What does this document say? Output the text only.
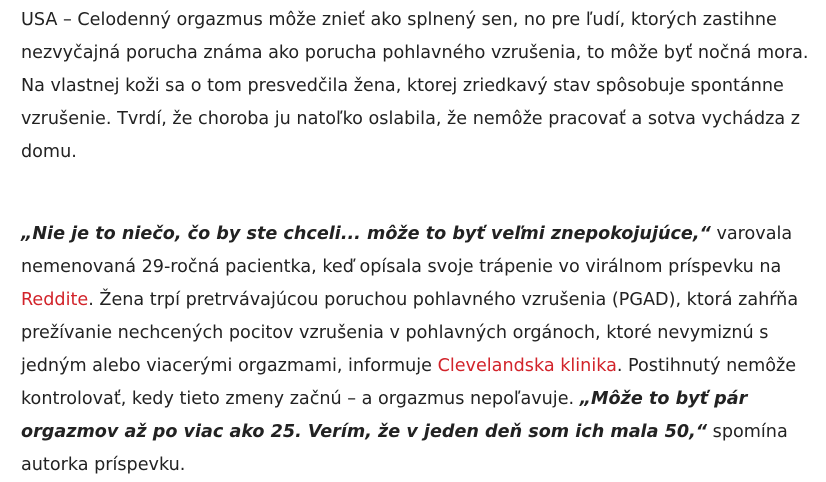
USA – Celodenný orgazmus môže znieť ako splnený sen, no pre ľudí, ktorých zastihne nezvyčajná porucha známa ako porucha pohlavného vzrušenia, to môže byť nočná mora. Na vlastnej koži sa o tom presvedčila žena, ktorej zriedkavý stav spôsobuje spontánne vzrušenie. Tvrdí, že choroba ju natoľko oslabila, že nemôže pracovať a sotva vychádza z domu.

„Nie je to niečo, čo by ste chceli... môže to byť veľmi znepokojujúce,“ varovala nemenovaná 29-ročná pacientka, keď opísala svoje trápenie vo virálnom príspevku na Reddite. Žena trpí pretrvávajúcou poruchou pohlavného vzrušenia (PGAD), ktorá zahŕňa prežívanie nechcených pocitov vzrušenia v pohlavných orgánoch, ktoré nevymiznú s jedným alebo viacerými orgazmami, informuje Clevelandska klinika. Postihnutý nemôže kontrolovať, kedy tieto zmeny začnú – a orgazmus nepoľavuje. „Môže to byť pár orgazmov až po viac ako 25. Verím, že v jeden deň som ich mala 50,“ spomína autorka príspevku.
